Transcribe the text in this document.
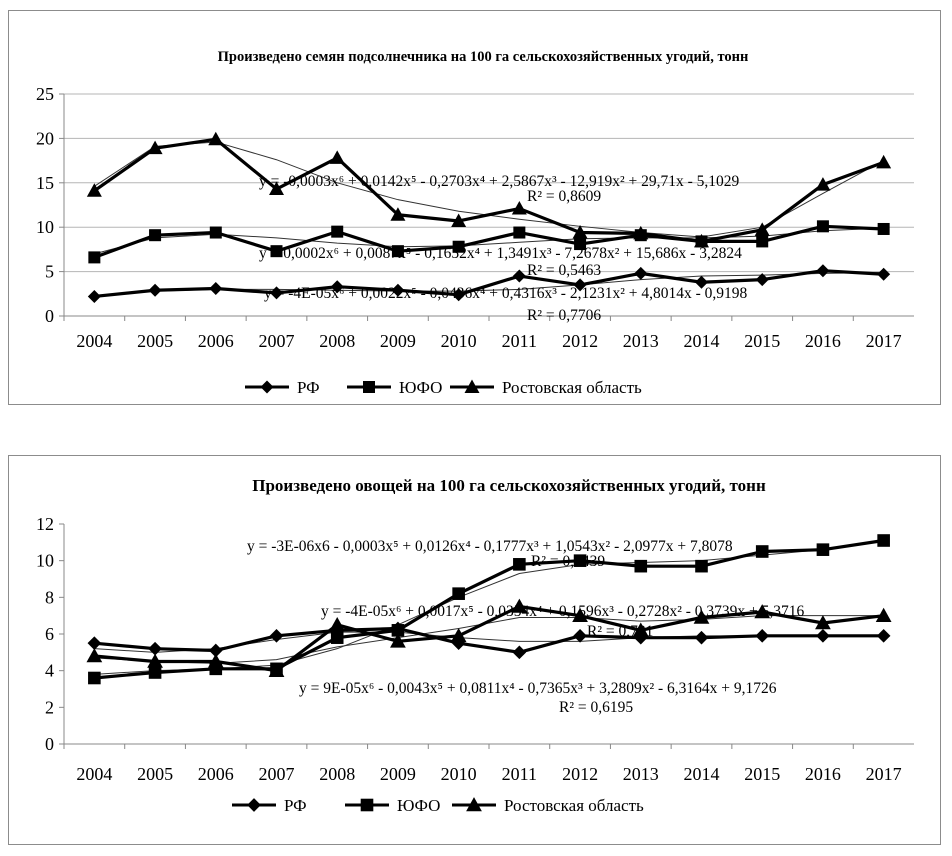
Произведено семян подсолнечника на 100 га сельскохозяйственных угодий, тонн
0
5
10
15
20
25
2004 2005 2006 2007 2008 2009 2010 2011 2012 2013 2014 2015 2016 2017
y = -0,0003x⁶ + 0,0142x⁵ - 0,2703x⁴ + 2,5867x³ - 12,919x² + 29,71x - 5,1029
R² = 0,8609
y = 0,0002x⁶ + 0,0087x⁵ - 0,1652x⁴ + 1,3491x³ - 7,2678x² + 15,686x - 3,2824
R² = 0,5463
y = -4E-05x⁶ + 0,0022x⁵ - 0,0436x⁴ + 0,4316x³ - 2,1231x² + 4,8014x - 0,9198
R² = 0,7706
РФ	ЮФО	Ростовская область
Произведено овощей на 100 га сельскохозяйственных угодий, тонн
0
2
4
6
8
10
12
2004 2005 2006 2007 2008 2009 2010 2011 2012 2013 2014 2015 2016 2017
y = -3E-06x6 - 0,0003x⁵ + 0,0126x⁴ - 0,1777x³ + 1,0543x² - 2,0977x + 7,8078
R² = 0,9439
y = -4E-05x⁶ + 0,0017x⁵ - 0,0354x⁴ + 0,1596x³ - 0,2728x² - 0,3739x + 5,3716
R² = 0,781
y = 9E-05x⁶ - 0,0043x⁵ + 0,0811x⁴ - 0,7365x³ + 3,2809x² - 6,3164x + 9,1726
R² = 0,6195
РФ	ЮФО	Ростовская область
